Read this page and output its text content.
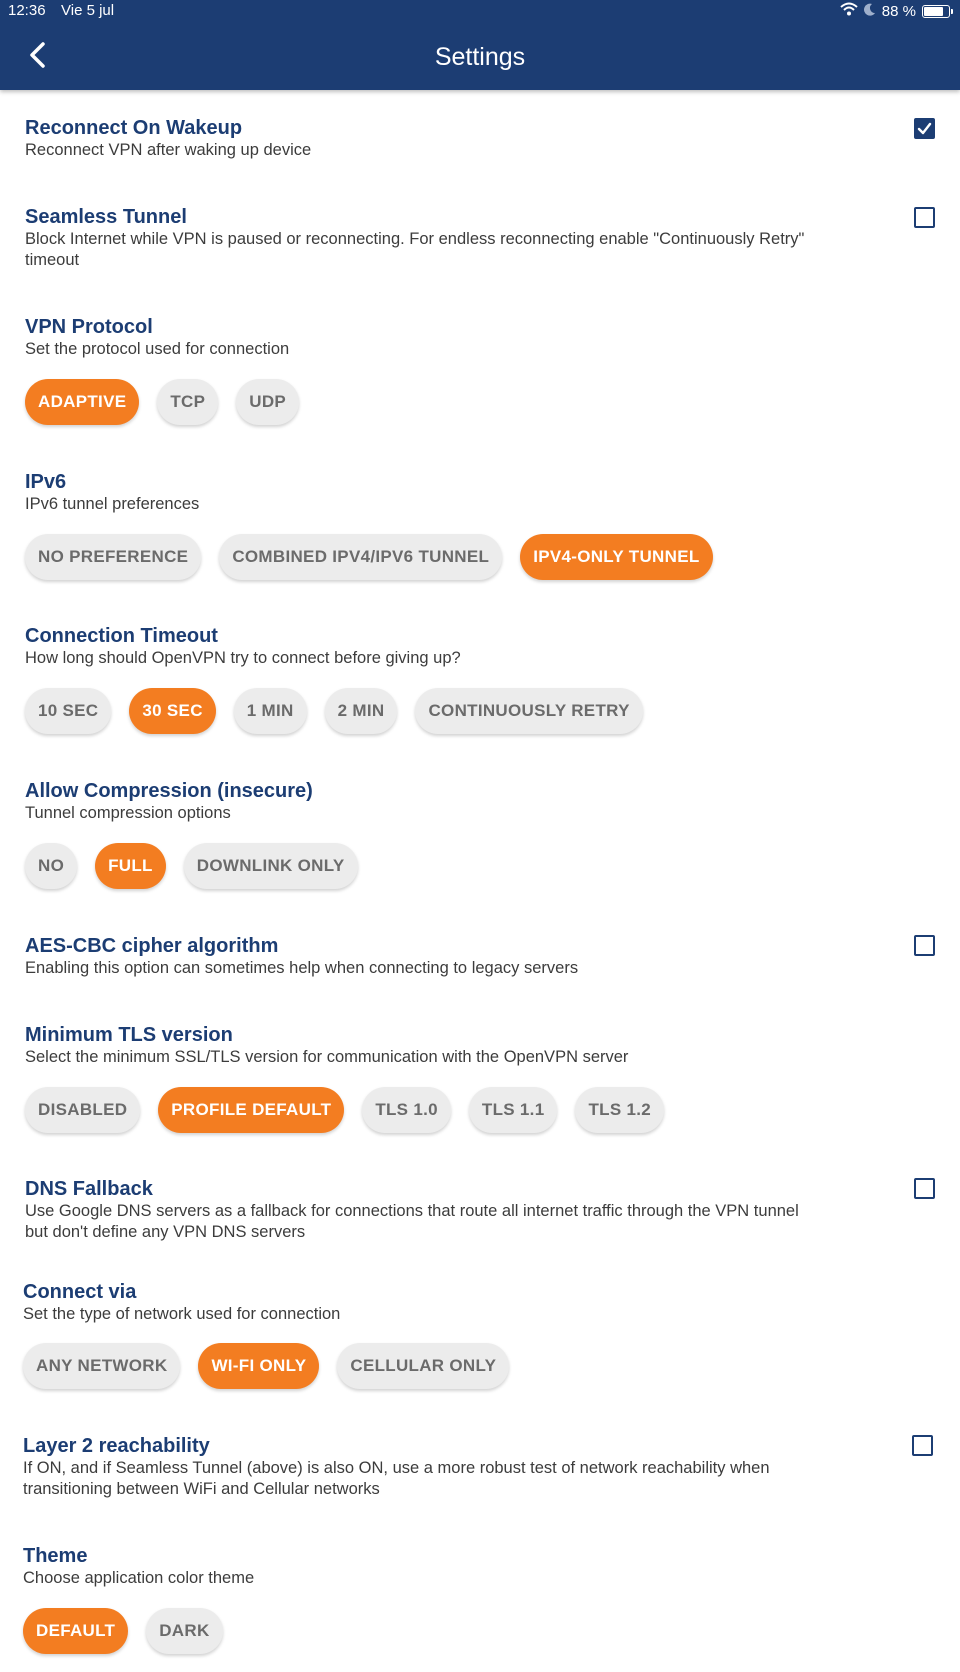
12:36 Vie 5 jul	88 %
Settings
Reconnect On Wakeup

Reconnect VPN after waking up device

Seamless Tunnel

Block Internet while VPN is paused or reconnecting. For endless reconnecting enable "Continuously Retry" timeout

VPN Protocol

Set the protocol used for connection

ADAPTIVE	TCP	UDP
IPv6

IPv6 tunnel preferences

NO PREFERENCE	COMBINED IPV4/IPV6 TUNNEL	IPV4-ONLY TUNNEL
Connection Timeout

How long should OpenVPN try to connect before giving up?

10 SEC	30 SEC	1 MIN	2 MIN	CONTINUOUSLY RETRY
Allow Compression (insecure)

Tunnel compression options

NO	FULL	DOWNLINK ONLY
AES-CBC cipher algorithm

Enabling this option can sometimes help when connecting to legacy servers

Minimum TLS version

Select the minimum SSL/TLS version for communication with the OpenVPN server

DISABLED	PROFILE DEFAULT	TLS 1.0	TLS 1.1	TLS 1.2
DNS Fallback

Use Google DNS servers as a fallback for connections that route all internet traffic through the VPN tunnel but don't define any VPN DNS servers

Connect via

Set the type of network used for connection

ANY NETWORK	WI-FI ONLY	CELLULAR ONLY
Layer 2 reachability

If ON, and if Seamless Tunnel (above) is also ON, use a more robust test of network reachability when transitioning between WiFi and Cellular networks

Theme

Choose application color theme

DEFAULT	DARK
